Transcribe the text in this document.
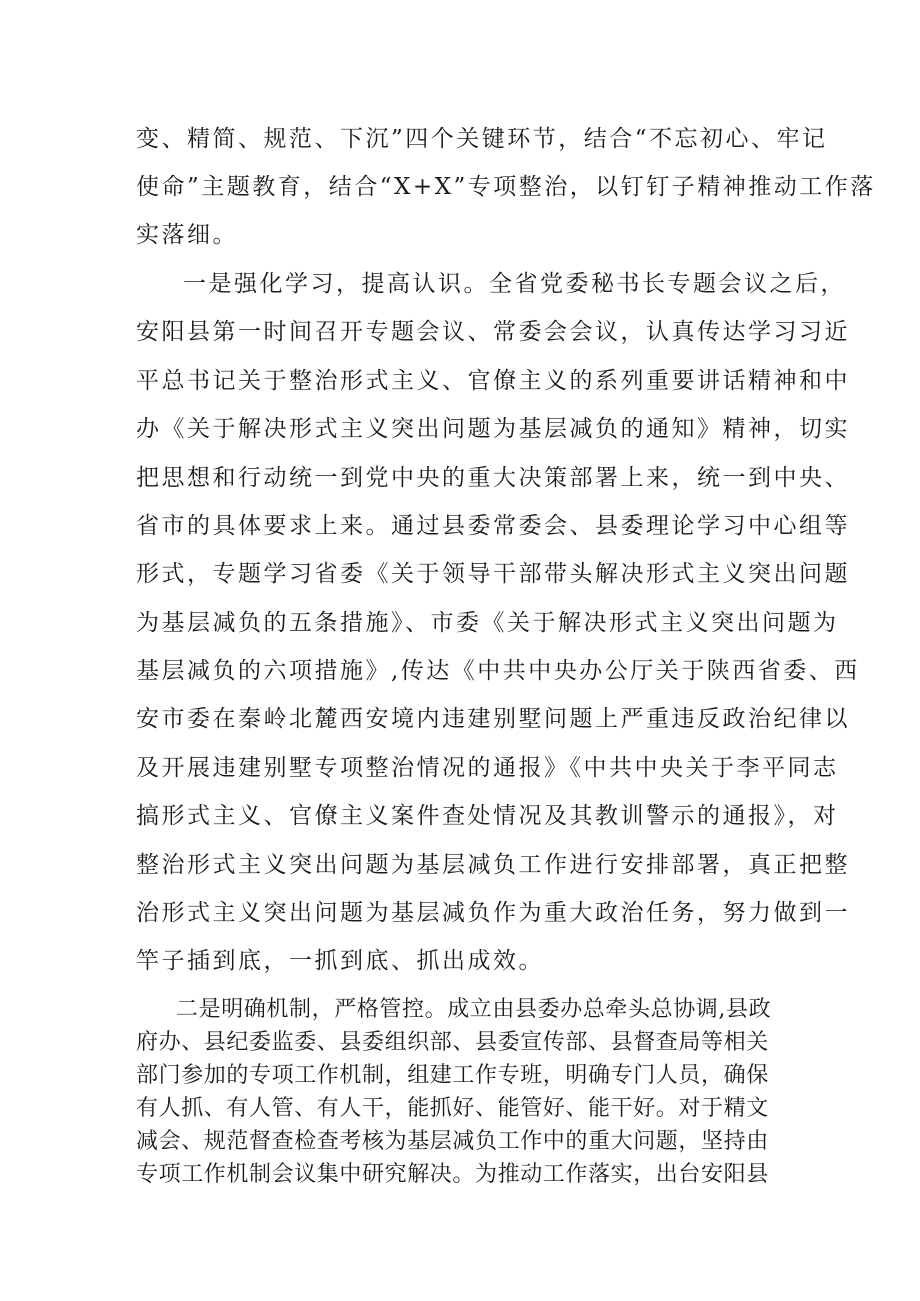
变、精简、规范、下沉”四个关键环节，结合“不忘初心、牢记
使命”主题教育，结合“X+X”专项整治，以钉钉子精神推动工作落
实落细。
一是强化学习，提高认识。全省党委秘书长专题会议之后，
安阳县第一时间召开专题会议、常委会会议，认真传达学习习近
平总书记关于整治形式主义、官僚主义的系列重要讲话精神和中
办《关于解决形式主义突出问题为基层减负的通知》精神，切实
把思想和行动统一到党中央的重大决策部署上来，统一到中央、
省市的具体要求上来。通过县委常委会、县委理论学习中心组等
形式，专题学习省委《关于领导干部带头解决形式主义突出问题
为基层减负的五条措施》、市委《关于解决形式主义突出问题为
基层减负的六项措施》,传达《中共中央办公厅关于陕西省委、西
安市委在秦岭北麓西安境内违建别墅问题上严重违反政治纪律以
及开展违建别墅专项整治情况的通报》《中共中央关于李平同志
搞形式主义、官僚主义案件查处情况及其教训警示的通报》，对
整治形式主义突出问题为基层减负工作进行安排部署，真正把整
治形式主义突出问题为基层减负作为重大政治任务，努力做到一
竿子插到底，一抓到底、抓出成效。
二是明确机制，严格管控。成立由县委办总牵头总协调,县政
府办、县纪委监委、县委组织部、县委宣传部、县督查局等相关
部门参加的专项工作机制，组建工作专班，明确专门人员，确保
有人抓、有人管、有人干，能抓好、能管好、能干好。对于精文
减会、规范督查检查考核为基层减负工作中的重大问题，坚持由
专项工作机制会议集中研究解决。为推动工作落实，出台安阳县
